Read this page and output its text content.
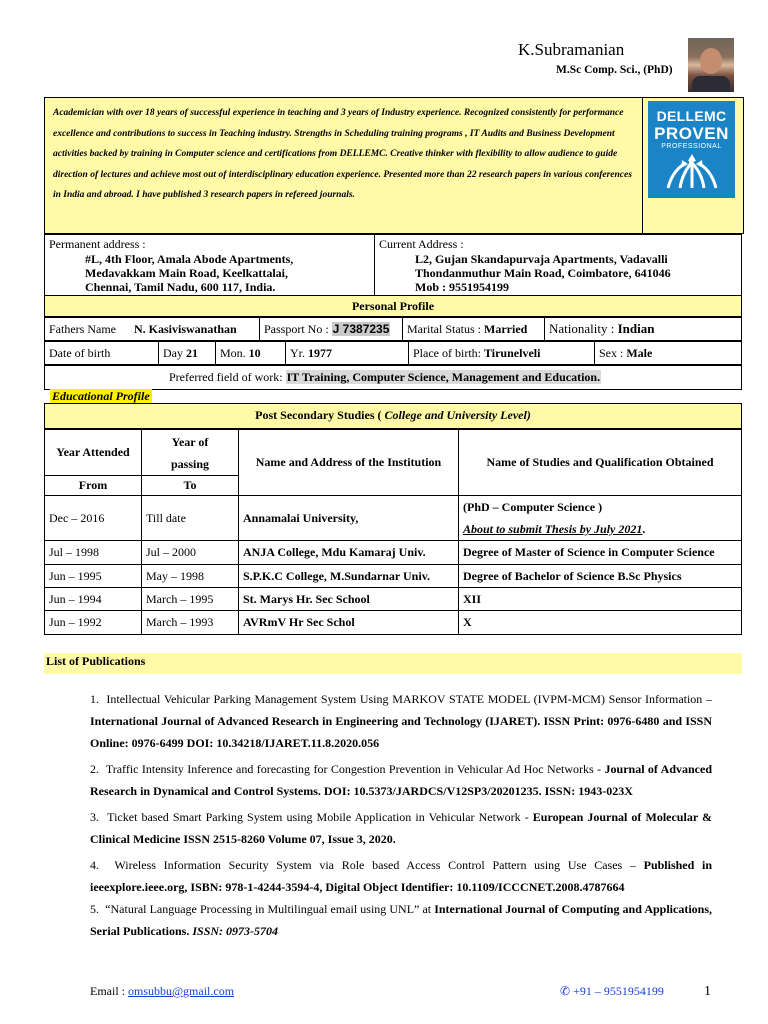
K.Subramanian
M.Sc Comp. Sci., (PhD)
Academician with over 18 years of successful experience in teaching and 3 years of Industry experience. Recognized consistently for performance excellence and contributions to success in Teaching industry. Strengths in Scheduling training programs , IT Audits and Business Development activities backed by training in Computer science and certifications from DELLEMC. Creative thinker with flexibility to allow audience to guide direction of lectures and achieve most out of interdisciplinary education experience. Presented more than 22 research papers in various conferences in India and abroad. I have published 3 research papers in refereed journals.
DELLEMC
PROVEN
PROFESSIONAL
Permanent address :
#L, 4th Floor, Amala Abode Apartments,
Medavakkam Main Road, Keelkattalai,
Chennai, Tamil Nadu, 600 117, India.

Current Address :
L2, Gujan Skandapurvaja Apartments, Vadavalli
Thondanmuthur Main Road, Coimbatore, 641046
Mob : 9551954199
Personal Profile
Fathers Name N. Kasiviswanathan	Passport No : J 7387235	Marital Status : Married	Nationality : Indian
Date of birth	Day 21	Mon. 10	Yr. 1977	Place of birth: Tirunelveli	Sex : Male
Preferred field of work: IT Training, Computer Science, Management and Education.
Educational Profile
Post Secondary Studies ( College and University Level)
Year Attended	Year of
passing	Name and Address of the Institution	Name of Studies and Qualification Obtained
From	To		
Dec – 2016	Till date	Annamalai University,	(PhD – Computer Science )
About to submit Thesis by July 2021.

Jul – 1998	Jul – 2000	ANJA College, Mdu Kamaraj Univ.	Degree of Master of Science in Computer Science
Jun – 1995	May – 1998	S.P.K.C College, M.Sundarnar Univ.	Degree of Bachelor of Science B.Sc Physics
Jun – 1994	March – 1995	St. Marys Hr. Sec School	XII
Jun – 1992	March – 1993	AVRmV Hr Sec Schol	X
List of Publications

1. Intellectual Vehicular Parking Management System Using MARKOV STATE MODEL (IVPM-MCM) Sensor Information – International Journal of Advanced Research in Engineering and Technology (IJARET). ISSN Print: 0976-6480 and ISSN Online: 0976-6499 DOI: 10.34218/IJARET.11.8.2020.056

2. Traffic Intensity Inference and forecasting for Congestion Prevention in Vehicular Ad Hoc Networks - Journal of Advanced Research in Dynamical and Control Systems. DOI: 10.5373/JARDCS/V12SP3/20201235. ISSN: 1943-023X

3. Ticket based Smart Parking System using Mobile Application in Vehicular Network - European Journal of Molecular & Clinical Medicine ISSN 2515-8260 Volume 07, Issue 3, 2020.

4. Wireless Information Security System via Role based Access Control Pattern using Use Cases – Published in ieeexplore.ieee.org, ISBN: 978-1-4244-3594-4, Digital Object Identifier: 10.1109/ICCCNET.2008.4787664

5. “Natural Language Processing in Multilingual email using UNL” at International Journal of Computing and Applications, Serial Publications. ISSN: 0973-5704

Email : omsubbu@gmail.com	✆ +91 – 9551954199	1
